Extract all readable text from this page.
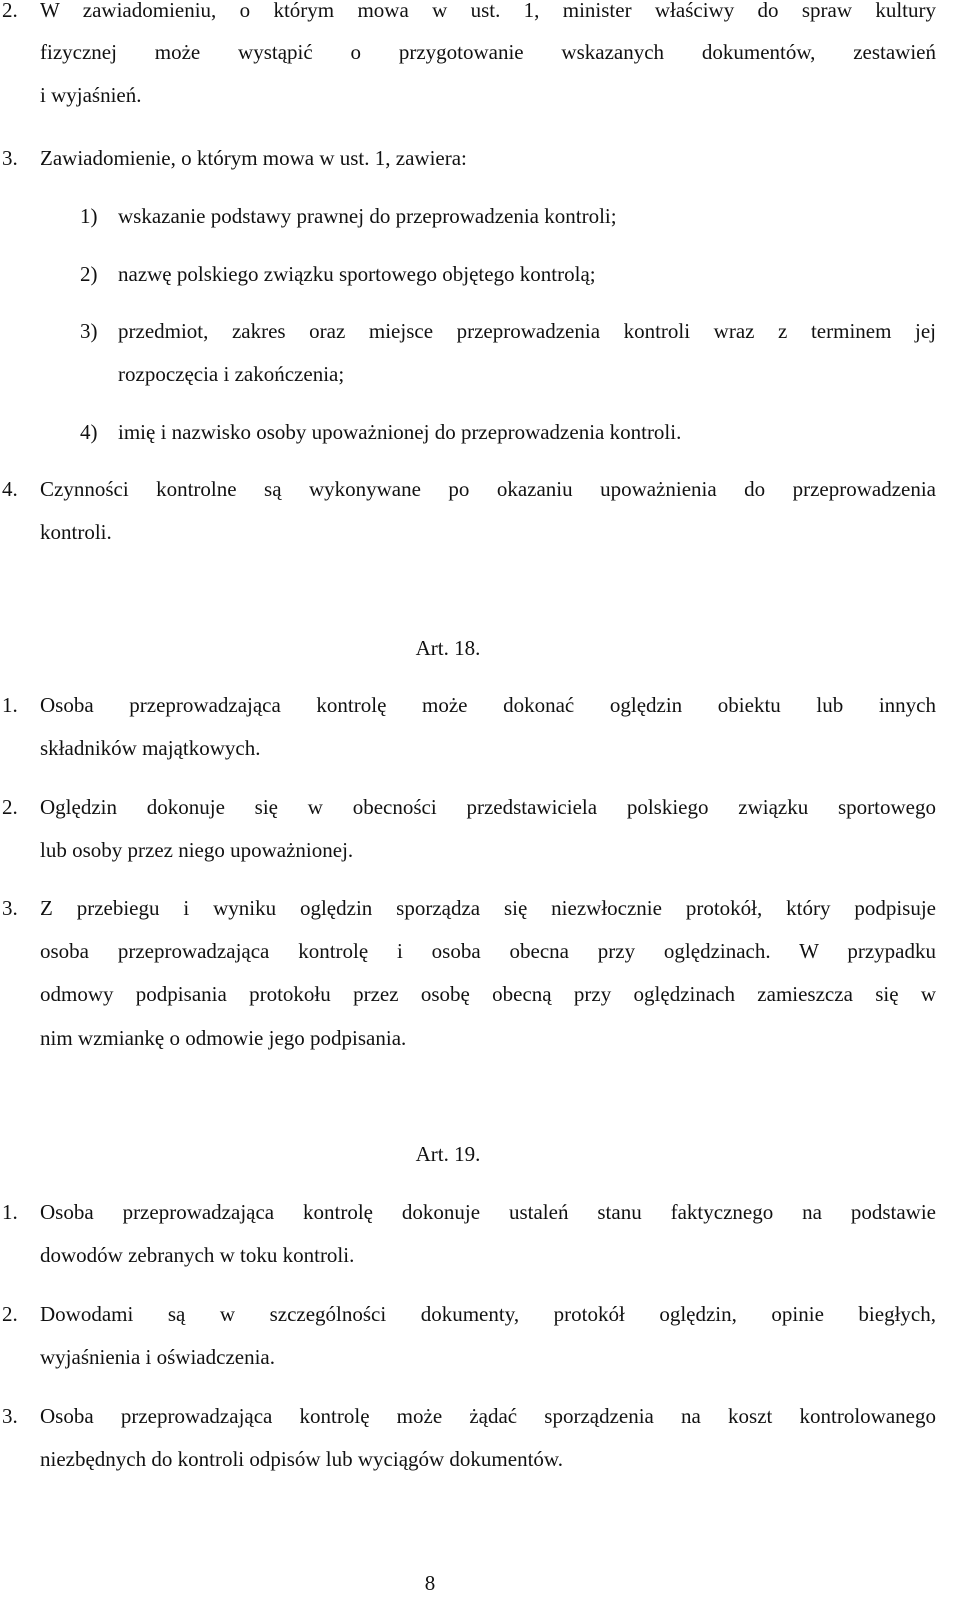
2. W zawiadomieniu, o którym mowa w ust. 1, minister właściwy do spraw kultury
fizycznej może wystąpić o przygotowanie wskazanych dokumentów, zestawień
i wyjaśnień.
3. Zawiadomienie, o którym mowa w ust. 1, zawiera:
1) wskazanie podstawy prawnej do przeprowadzenia kontroli;
2) nazwę polskiego związku sportowego objętego kontrolą;
3) przedmiot, zakres oraz miejsce przeprowadzenia kontroli wraz z terminem jej
rozpoczęcia i zakończenia;
4) imię i nazwisko osoby upoważnionej do przeprowadzenia kontroli.
4. Czynności kontrolne są wykonywane po okazaniu upoważnienia do przeprowadzenia
kontroli.
Art. 18.
1. Osoba przeprowadzająca kontrolę może dokonać oględzin obiektu lub innych
składników majątkowych.
2. Oględzin dokonuje się w obecności przedstawiciela polskiego związku sportowego
lub osoby przez niego upoważnionej.
3. Z przebiegu i wyniku oględzin sporządza się niezwłocznie protokół, który podpisuje
osoba przeprowadzająca kontrolę i osoba obecna przy oględzinach. W przypadku
odmowy podpisania protokołu przez osobę obecną przy oględzinach zamieszcza się w
nim wzmiankę o odmowie jego podpisania.
Art. 19.
1. Osoba przeprowadzająca kontrolę dokonuje ustaleń stanu faktycznego na podstawie
dowodów zebranych w toku kontroli.
2. Dowodami są w szczególności dokumenty, protokół oględzin, opinie biegłych,
wyjaśnienia i oświadczenia.
3. Osoba przeprowadzająca kontrolę może żądać sporządzenia na koszt kontrolowanego
niezbędnych do kontroli odpisów lub wyciągów dokumentów.
8
